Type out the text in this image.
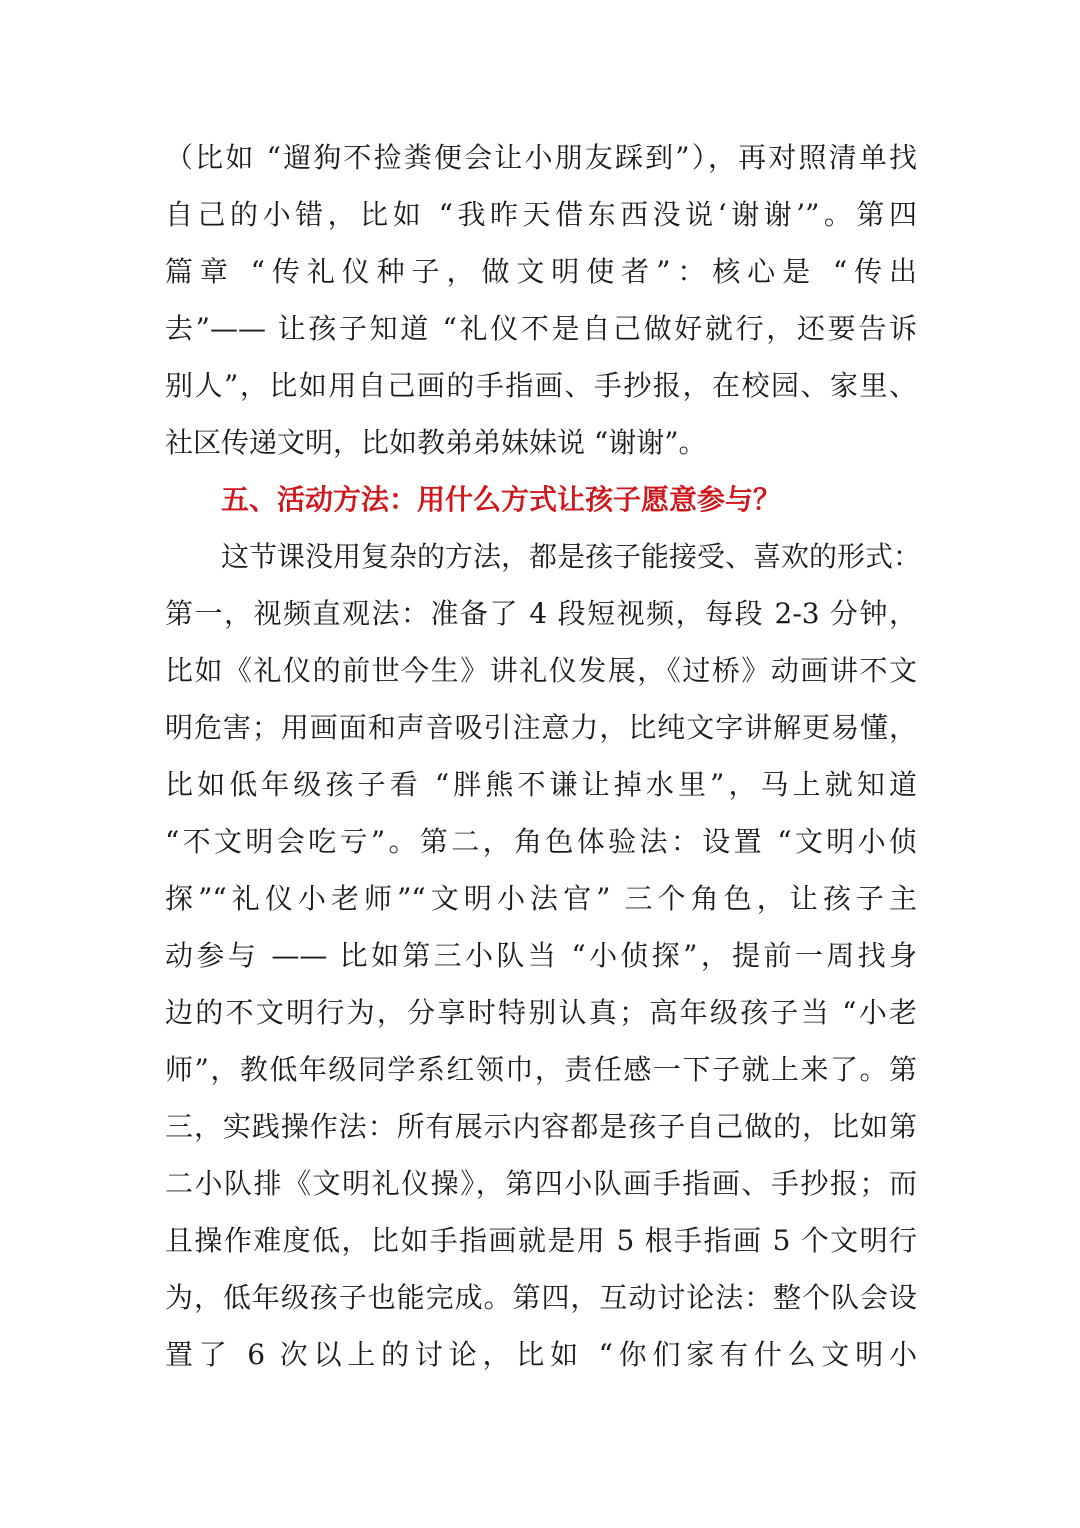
（比如 “遛狗不捡粪便会让小朋友踩到”），再对照清单找
自己的小错，比如 “我昨天借东西没说‘谢谢’”。第四
篇章 “传礼仪种子，做文明使者”：核心是 “传出
去”—— 让孩子知道 “礼仪不是自己做好就行，还要告诉
别人”，比如用自己画的手指画、手抄报，在校园、家里、
社区传递文明，比如教弟弟妹妹说 “谢谢”。
五、活动方法：用什么方式让孩子愿意参与？
这节课没用复杂的方法，都是孩子能接受、喜欢的形式：
第一，视频直观法：准备了 4 段短视频，每段 2-3 分钟，
比如《礼仪的前世今生》讲礼仪发展，《过桥》动画讲不文
明危害；用画面和声音吸引注意力，比纯文字讲解更易懂，
比如低年级孩子看 “胖熊不谦让掉水里”，马上就知道
“不文明会吃亏”。第二，角色体验法：设置 “文明小侦
探”“礼仪小老师”“文明小法官” 三个角色，让孩子主
动参与 —— 比如第三小队当 “小侦探”，提前一周找身
边的不文明行为，分享时特别认真；高年级孩子当 “小老
师”，教低年级同学系红领巾，责任感一下子就上来了。第
三，实践操作法：所有展示内容都是孩子自己做的，比如第
二小队排《文明礼仪操》，第四小队画手指画、手抄报；而
且操作难度低，比如手指画就是用 5 根手指画 5 个文明行
为，低年级孩子也能完成。第四，互动讨论法：整个队会设
置了 6 次以上的讨论，比如 “你们家有什么文明小
